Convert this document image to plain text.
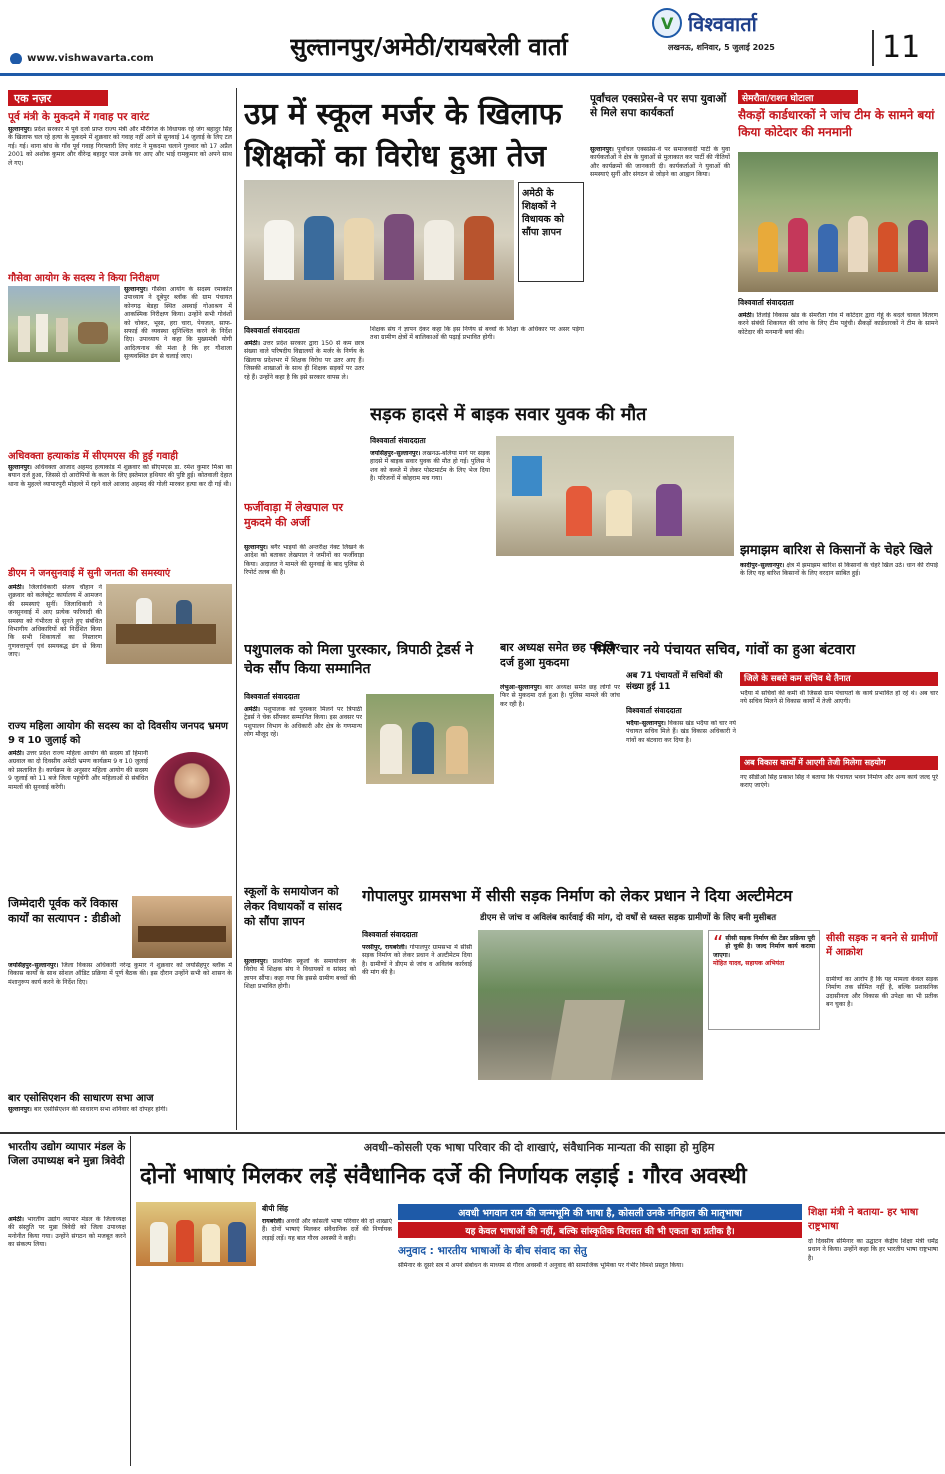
सुल्तानपुर/अमेठी/रायबरेली वार्ता
www.vishwavarta.com
V विश्ववार्ता
लखनऊ, शनिवार, 5 जुलाई 2025	11
एक नज़र
पूर्व मंत्री के मुकदमे में गवाह पर वारंट
सुल्तानपुर। प्रदेश सरकार में पूर्व दर्जा प्राप्त राज्य मंत्री और मौरीगंज के विधायक रहे जंग बहादुर सिंह के खिलाफ चल रहे हत्या के मुकदमे में शुक्रवार को गवाह नहीं आने से सुनवाई 14 जुलाई के लिए टल गई। गई। थाना बांध के गाँव पूर्व गवाह गिरफ्तारी लिए वारंट ने मुकदमा चलाने गुरुवार को 17 अप्रैल 2001 को अशोक कुमार और वीरेन्द्र बहादुर पाल उनके घर आए और भाई रामकुमार को अपने साथ ले गए।
गौसेवा आयोग के सदस्य ने किया निरीक्षण
सुल्तानपुर। गौसेवा आयोग के सदस्य रमाकांत उपाध्याय ने दूबेपुर ब्लॉक की ग्राम पंचायत कोनगढ़ बेडहा स्थित अस्थाई गोआश्रय में आकस्मिक निरीक्षण किया। उन्होंने सभी गोवंशों को चोकर, भूसा, हरा चारा, पेयजल, साफ-सफाई की व्यवस्था सुनिश्चित करने के निर्देश दिए। उपाध्याय ने कहा कि मुख्यमंत्री योगी आदित्यनाथ की मंशा है कि हर गौशाला सुव्यवस्थित ढंग से चलाई जाए।
अधिवक्ता हत्याकांड में सीएमएस की हुई गवाही
सुल्तानपुर। अधिवक्ता आजाद अहमद हत्याकांड में शुक्रवार को सीएमएस डा. रमेश कुमार मिश्रा का बयान दर्ज हुआ, जिससे दो आरोपियों के कत्ल के लिए इस्तेमाल हथियार की पुष्टि हुई। कोतवाली देहात थाना के मुहल्ले व्यापारपुरी मोहल्ले में रहने वाले आजाद अहमद की गोली मारकर हत्या कर दी गई थी।
डीएम ने जनसुनवाई में सुनी जनता की समस्याएं
अमेठी। जिलाधिकारी संजय चौहान ने शुक्रवार को कलेक्ट्रेट कार्यालय में आमजन की समस्याएं सुनीं। जिलाधिकारी ने जनसुनवाई में आए प्रत्येक फरियादी की समस्या को गंभीरता से सुनते हुए संबंधित विभागीय अधिकारियों को निर्देशित किया कि सभी शिकायतों का निस्तारण गुणवत्तापूर्ण एवं समयबद्ध ढंग से किया जाए।
राज्य महिला आयोग की सदस्य का दो दिवसीय जनपद भ्रमण 9 व 10 जुलाई को
अमेठी। उत्तर प्रदेश राज्य महिला आयोग की सदस्य डॉ हिमानी अग्रवाल का दो दिवसीय अमेठी भ्रमण कार्यक्रम 9 व 10 जुलाई को प्रस्तावित है। कार्यक्रम के अनुसार महिला आयोग की सदस्य 9 जुलाई को 11 बजे जिला पहुंचेंगी और महिलाओं से संबंधित मामलों की सुनवाई करेंगी।
जिम्मेदारी पूर्वक करें विकास कार्यों का सत्यापन : डीडीओ
जयसिंहपुर–सुल्तानपुर। जिला विकास अधिकारी नरेन्द्र कुमार ने शुक्रवार को जयसिंहपुर ब्लॉक में विकास कार्यों के साथ सोशल ऑडिट प्रक्रिया में पूर्ण बैठक की। इस दौरान उन्होंने सभी को शासन के मंशानुरूप कार्य करने के निर्देश दिए।
बार एसोसिएशन की साधारण सभा आज
सुल्तानपुर। बार एसोसिएशन की साधारण सभा शनिवार को दोपहर होगी।
उप्र में स्कूल मर्जर के खिलाफ
शिक्षकों का विरोध हुआ तेज
अमेठी के शिक्षकों ने विधायक को सौंपा ज्ञापन
विश्ववार्ता संवाददाता
अमेठी। उत्तर प्रदेश सरकार द्वारा 150 से कम छात्र संख्या वाले परिषदीय विद्यालयों के मर्जर के निर्णय के खिलाफ प्रदेशभर में शिक्षक विरोध पर उतर आए हैं। जिसकी शाखाओं के साथ ही शिक्षक सड़कों पर उतर रहे हैं। उन्होंने कहा है कि इसे सरकार वापस ले।
फर्जीवाड़ा में लेखपाल पर मुकदमे की अर्जी
सुल्तानपुर। बगैर भाइयों की अन्तरीक्ष नेक्ट लिखने के आदेश को बताकर लेखपाल ने जमीनों का फर्जीवाड़ा किया। अदालत ने मामले की सुनवाई के बाद पुलिस से रिपोर्ट तलब की है।
शिक्षक संघ ने ज्ञापन देकर कहा कि इस निर्णय से बच्चों के शिक्षा के अधिकार पर असर पड़ेगा तथा ग्रामीण क्षेत्रों में बालिकाओं की पढ़ाई प्रभावित होगी।
पूर्वांचल एक्सप्रेस-वे पर सपा युवाओं से मिले सपा कार्यकर्ता
सुल्तानपुर। पूर्वांचल एक्सप्रेस-वे पर समाजवादी पार्टी के युवा कार्यकर्ताओं ने क्षेत्र के युवाओं से मुलाकात कर पार्टी की नीतियों और कार्यक्रमों की जानकारी दी। कार्यकर्ताओं ने युवाओं की समस्याएं सुनीं और संगठन से जोड़ने का आह्वान किया।
सेमरौता/राशन घोटाला
सैकड़ों कार्डधारकों ने जांच टीम के सामने बयां किया कोटेदार की मनमानी
विश्ववार्ता संवाददाता
अमेठी। तिलोई विकास खंड के सेमरौता गांव में कोटेदार द्वारा गेहूं के बदले चावल वितरण करने संबंधी शिकायत की जांच के लिए टीम पहुंची। सैकड़ों कार्डधारकों ने टीम के सामने कोटेदार की मनमानी बयां की।
सड़क हादसे में बाइक सवार युवक की मौत
विश्ववार्ता संवाददाता
जयसिंहपुर–सुल्तानपुर। लखनऊ-बलिया मार्ग पर सड़क हादसे में बाइक सवार युवक की मौत हो गई। पुलिस ने शव को कब्जे में लेकर पोस्टमार्टम के लिए भेज दिया है। परिजनों में कोहराम मच गया।
झमाझम बारिश से किसानों के चेहरे खिले
कादीपुर–सुल्तानपुर। क्षेत्र में झमाझम बारिश से किसानों के चेहरे खिल उठे। धान की रोपाई के लिए यह बारिश किसानों के लिए वरदान साबित हुई।
पशुपालक को मिला पुरस्कार, त्रिपाठी ट्रेडर्स ने चेक सौंप किया सम्मानित
विश्ववार्ता संवाददाता
अमेठी। पशुपालक को पुरस्कार मिलने पर त्रिपाठी ट्रेडर्स ने चेक सौंपकर सम्मानित किया। इस अवसर पर पशुपालन विभाग के अधिकारी और क्षेत्र के गणमान्य लोग मौजूद रहे।
बार अध्यक्ष समेत छह पर फिर दर्ज हुआ मुकदमा
लंभुआ–सुल्तानपुर। बार अध्यक्ष समेत छह लोगों पर फिर से मुकदमा दर्ज हुआ है। पुलिस मामले की जांच कर रही है।
मिले चार नये पंचायत सचिव, गांवों का हुआ बंटवारा
अब 71 पंचायतों में सचिवों की संख्या हुई 11
विश्ववार्ता संवाददाता
भदैया–सुल्तानपुर। विकास खंड भदैया को चार नये पंचायत सचिव मिले हैं। खंड विकास अधिकारी ने गांवों का बंटवारा कर दिया है।
जिले के सबसे कम सचिव थे तैनात
भदैया में सचिवों की कमी थी जिससे ग्राम पंचायतों के कार्य प्रभावित हो रहे थे। अब चार नये सचिव मिलने से विकास कार्यों में तेजी आएगी।
अब विकास कार्यों में आएगी तेजी मिलेगा सहयोग
नए सीडीओ सिंह प्रकाश सिंह ने बताया कि पंचायत भवन निर्माण और अन्य कार्य जल्द पूरे कराए जाएंगे।
स्कूलों के समायोजन को लेकर विधायकों व सांसद को सौंपा ज्ञापन
सुल्तानपुर। प्राथमिक स्कूलों के समायोजन के विरोध में शिक्षक संघ ने विधायकों व सांसद को ज्ञापन सौंपा। कहा गया कि इससे ग्रामीण बच्चों की शिक्षा प्रभावित होगी।
गोपालपुर ग्रामसभा में सीसी सड़क निर्माण को लेकर प्रधान ने दिया अल्टीमेटम
डीएम से जांच व अविलंब कार्रवाई की मांग, दो वर्षों से ध्वस्त सड़क ग्रामीणों के लिए बनी मुसीबत
विश्ववार्ता संवाददाता
परसीपुर, रायबरेली। गोपालपुर ग्रामसभा में सीसी सड़क निर्माण को लेकर प्रधान ने अल्टीमेटम दिया है। ग्रामीणों ने डीएम से जांच व अविलंब कार्रवाई की मांग की है।
“ सीसी सड़क निर्माण की टेंडर प्रक्रिया पूरी हो चुकी है। जल्द निर्माण कार्य कराया जाएगा।
मोहित यादव, सहायक अभियंता
सीसी सड़क न बनने से ग्रामीणों में आक्रोश
ग्रामीणों का आरोप है कि यह मामला केवल सड़क निर्माण तक सीमित नहीं है, बल्कि प्रशासनिक उदासीनता और विकास की उपेक्षा का भी प्रतीक बन चुका है।
भारतीय उद्योग व्यापार मंडल के जिला उपाध्यक्ष बने मुन्ना त्रिवेदी
अमेठी। भारतीय उद्योग व्यापार मंडल के जिलाध्यक्ष की संस्तुति पर मुन्ना त्रिवेदी को जिला उपाध्यक्ष मनोनीत किया गया। उन्होंने संगठन को मजबूत करने का संकल्प लिया।
अवधी–कोसली एक भाषा परिवार की दो शाखाएं, संवैधानिक मान्यता की साझा हो मुहिम
दोनों भाषाएं मिलकर लड़ें संवैधानिक दर्जे की निर्णायक लड़ाई : गौरव अवस्थी
बीपी सिंह
रायबरेली। अवधी और कोसली भाषा परिवार की दो शाखाएं हैं। दोनों भाषाएं मिलकर संवैधानिक दर्जे की निर्णायक लड़ाई लड़ें। यह बात गौरव अवस्थी ने कही।
अवधी भगवान राम की जन्मभूमि की भाषा है, कोसली उनके ननिहाल की मातृभाषा
यह केवल भाषाओं की नहीं, बल्कि सांस्कृतिक विरासत की भी एकता का प्रतीक है।
अनुवाद : भारतीय भाषाओं के बीच संवाद का सेतु
सेमिनार के दूसरे सत्र में अपने संबोधन के माध्यम से गौरव अवस्थी ने अनुवाद की सामाजिक भूमिका पर गंभीर विमर्श प्रस्तुत किया।
शिक्षा मंत्री ने बताया- हर भाषा राष्ट्रभाषा
दो दिवसीय सेमिनार का उद्घाटन केंद्रीय शिक्षा मंत्री धर्मेंद्र प्रधान ने किया। उन्होंने कहा कि हर भारतीय भाषा राष्ट्रभाषा है।
